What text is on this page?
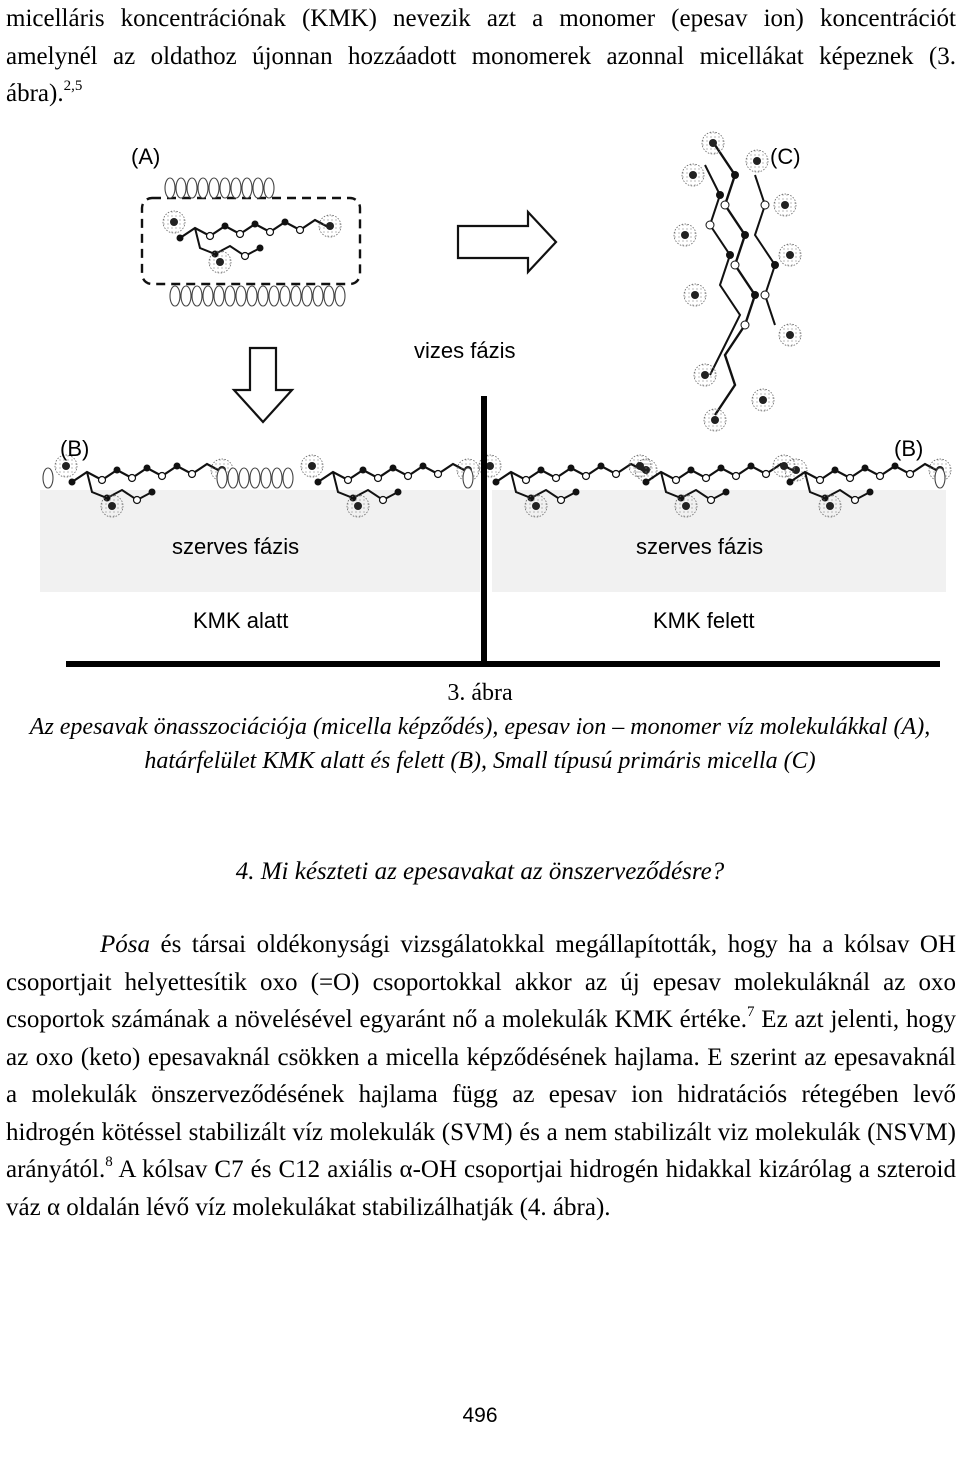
micelláris koncentrációnak (KMK) nevezik azt a monomer (epesav ion) koncentrációt amelynél az oldathoz újonnan hozzáadott monomerek azonnal micellákat képeznek (3. ábra).$^{2,5}$

(A)	(C)
vizes fázis
(B)	(B)
szerves fázis	szerves fázis
KMK alatt	KMK felett

3. ábra

Az epesavak önasszociációja (micella képződés), epesav ion – monomer víz molekulákkal (A), határfelület KMK alatt és felett (B), Small típusú primáris micella (C)

4. Mi készteti az epesavakat az önszerveződésre?

Pósa és társai oldékonysági vizsgálatokkal megállapították, hogy ha a kólsav OH csoportjait helyettesítik oxo (=O) csoportokkal akkor az új epesav molekuláknál az oxo csoportok számának a növelésével egyaránt nő a molekulák KMK értéke.$^7$ Ez azt jelenti, hogy az oxo (keto) epesavaknál csökken a micella képződésének hajlama. E szerint az epesavaknál a molekulák önszerveződésének hajlama függ az epesav ion hidratációs rétegében levő hidrogén kötéssel stabilizált víz molekulák (SVM) és a nem stabilizált viz molekulák (NSVM) arányától.$^8$ A kólsav C7 és C12 axiális α-OH csoportjai hidrogén hidakkal kizárólag a szteroid váz α oldalán lévő víz molekulákat stabilizálhatják (4. ábra).

496
